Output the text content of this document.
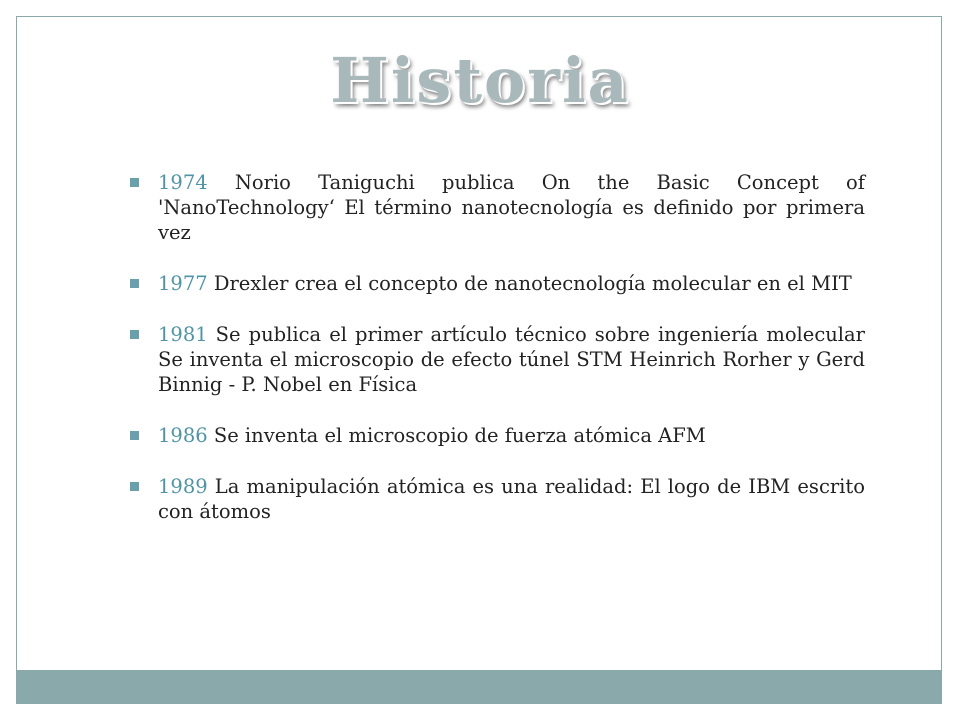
Historia
1974 Norio Taniguchi publica On the Basic Concept of 'NanoTechnology‘ El término nanotecnología es definido por primera vez
1977 Drexler crea el concepto de nanotecnología molecular en el MIT
1981 Se publica el primer artículo técnico sobre ingeniería molecular Se inventa el microscopio de efecto túnel STM Heinrich Rorher y Gerd Binnig - P. Nobel en Física
1986 Se inventa el microscopio de fuerza atómica AFM
1989 La manipulación atómica es una realidad: El logo de IBM escrito con átomos
